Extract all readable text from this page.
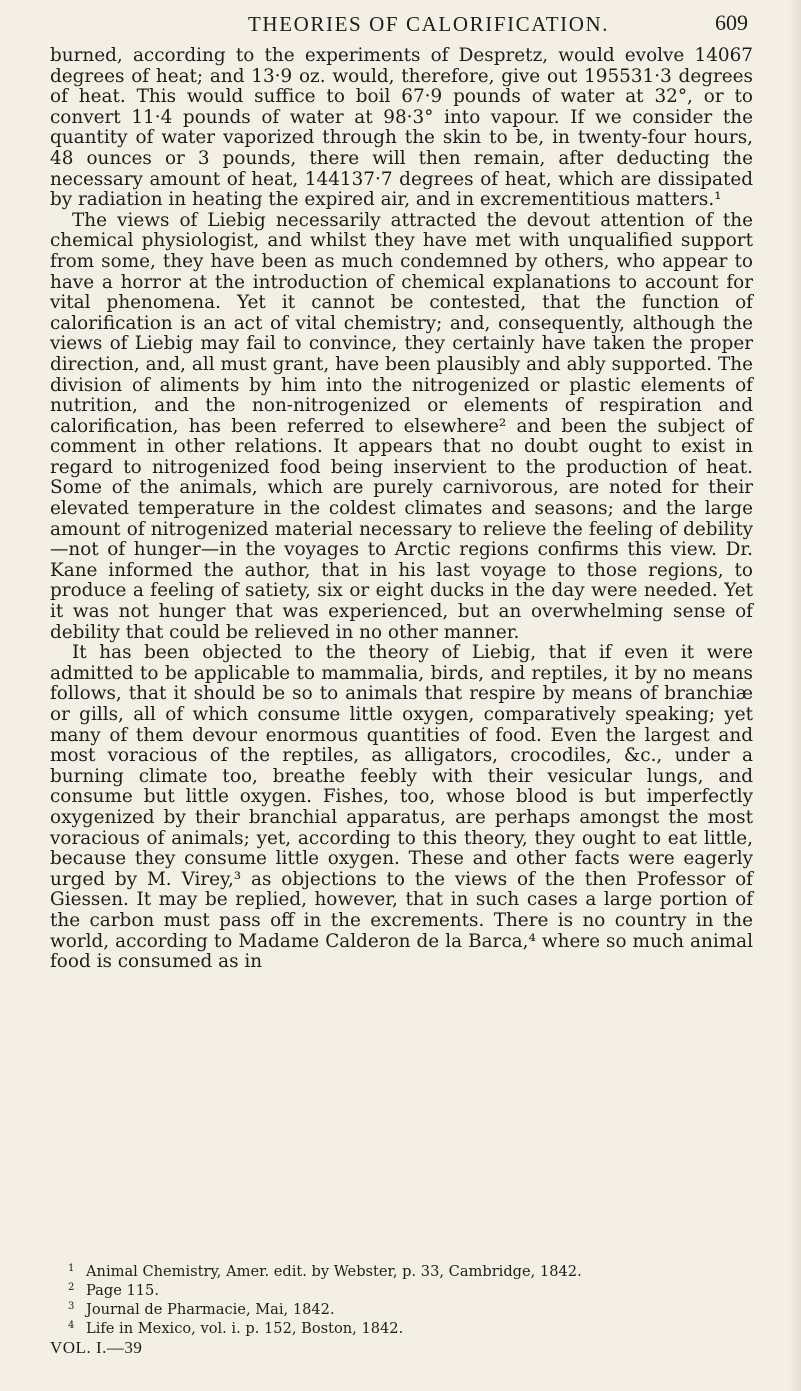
THEORIES OF CALORIFICATION.	609

burned, according to the experiments of Despretz, would evolve 14067 degrees of heat; and 13·9 oz. would, therefore, give out 195531·3 degrees of heat. This would suffice to boil 67·9 pounds of water at 32°, or to convert 11·4 pounds of water at 98·3° into vapour. If we consider the quantity of water vaporized through the skin to be, in twenty-four hours, 48 ounces or 3 pounds, there will then remain, after deducting the necessary amount of heat, 144137·7 degrees of heat, which are dissipated by radiation in heating the expired air, and in excrementitious matters.¹

The views of Liebig necessarily attracted the devout attention of the chemical physiologist, and whilst they have met with unqualified support from some, they have been as much condemned by others, who appear to have a horror at the introduction of chemical explanations to account for vital phenomena. Yet it cannot be contested, that the function of calorification is an act of vital chemistry; and, consequently, although the views of Liebig may fail to convince, they certainly have taken the proper direction, and, all must grant, have been plausibly and ably supported. The division of aliments by him into the nitrogenized or plastic elements of nutrition, and the non-nitrogenized or elements of respiration and calorification, has been referred to elsewhere² and been the subject of comment in other relations. It appears that no doubt ought to exist in regard to nitrogenized food being inservient to the production of heat. Some of the animals, which are purely carnivorous, are noted for their elevated temperature in the coldest climates and seasons; and the large amount of nitrogenized material necessary to relieve the feeling of debility—not of hunger—in the voyages to Arctic regions confirms this view. Dr. Kane informed the author, that in his last voyage to those regions, to produce a feeling of satiety, six or eight ducks in the day were needed. Yet it was not hunger that was experienced, but an overwhelming sense of debility that could be relieved in no other manner.

It has been objected to the theory of Liebig, that if even it were admitted to be applicable to mammalia, birds, and reptiles, it by no means follows, that it should be so to animals that respire by means of branchiæ or gills, all of which consume little oxygen, comparatively speaking; yet many of them devour enormous quantities of food. Even the largest and most voracious of the reptiles, as alligators, crocodiles, &c., under a burning climate too, breathe feebly with their vesicular lungs, and consume but little oxygen. Fishes, too, whose blood is but imperfectly oxygenized by their branchial apparatus, are perhaps amongst the most voracious of animals; yet, according to this theory, they ought to eat little, because they consume little oxygen. These and other facts were eagerly urged by M. Virey,³ as objections to the views of the then Professor of Giessen. It may be replied, however, that in such cases a large portion of the carbon must pass off in the excrements. There is no country in the world, according to Madame Calderon de la Barca,⁴ where so much animal food is consumed as in

1 Animal Chemistry, Amer. edit. by Webster, p. 33, Cambridge, 1842.
2 Page 115.
3 Journal de Pharmacie, Mai, 1842.
4 Life in Mexico, vol. i. p. 152, Boston, 1842.
VOL. I.—39
